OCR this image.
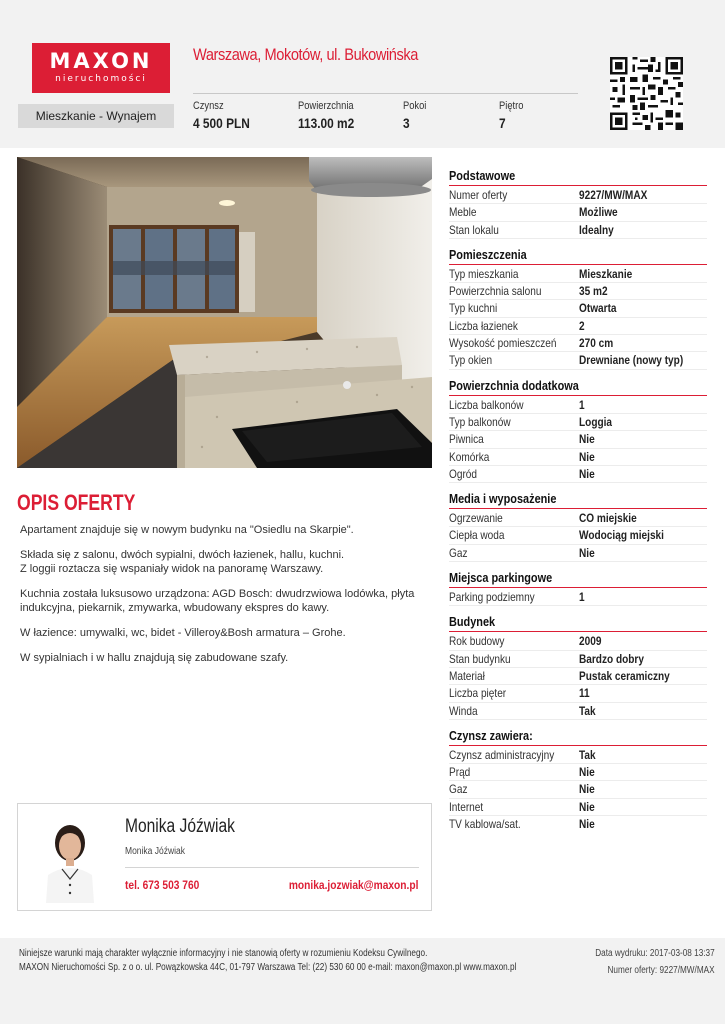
MAXON
nieruchomości
Mieszkanie - Wynajem
Warszawa, Mokotów, ul. Bukowińska
Czynsz
4 500 PLN
Powierzchnia
113.00 m2
Pokoi
3
Piętro
7
OPIS OFERTY

Apartament znajduje się w nowym budynku na "Osiedlu na Skarpie".

Składa się z salonu, dwóch sypialni, dwóch łazienek, hallu, kuchni.
Z loggii roztacza się wspaniały widok na panoramę Warszawy.

Kuchnia została luksusowo urządzona: AGD Bosch: dwudrzwiowa lodówka, płyta indukcyjna, piekarnik, zmywarka, wbudowany ekspres do kawy.

W łazience: umywalki, wc, bidet - Villeroy&Bosh armatura – Grohe.

W sypialniach i w hallu znajdują się zabudowane szafy.

Monika Jóźwiak
Monika Jóźwiak
tel. 673 503 760	monika.jozwiak@maxon.pl
Podstawowe
Numer oferty	9227/MW/MAX
Meble	Możliwe
Stan lokalu	Idealny
Pomieszczenia
Typ mieszkania	Mieszkanie
Powierzchnia salonu	35 m2
Typ kuchni	Otwarta
Liczba łazienek	2
Wysokość pomieszczeń 270 cm
Typ okien	Drewniane (nowy typ)
Powierzchnia dodatkowa
Liczba balkonów	1
Typ balkonów	Loggia
Piwnica	Nie
Komórka	Nie
Ogród	Nie
Media i wyposażenie
Ogrzewanie	CO miejskie
Ciepła woda	Wodociąg miejski
Gaz	Nie
Miejsca parkingowe
Parking podziemny	1
Budynek
Rok budowy	2009
Stan budynku	Bardzo dobry
Materiał	Pustak ceramiczny
Liczba pięter	11
Winda	Tak
Czynsz zawiera:
Czynsz administracyjny Tak
Prąd	Nie
Gaz	Nie
Internet	Nie
TV kablowa/sat.	Nie
Niniejsze warunki mają charakter wyłącznie informacyjny i nie stanowią oferty w rozumieniu Kodeksu Cywilnego.
MAXON Nieruchomości Sp. z o o. ul. Powązkowska 44C, 01-797 Warszawa Tel: (22) 530 60 00 e-mail: maxon@maxon.pl www.maxon.pl
Data wydruku: 2017-03-08 13:37
Numer oferty: 9227/MW/MAX
